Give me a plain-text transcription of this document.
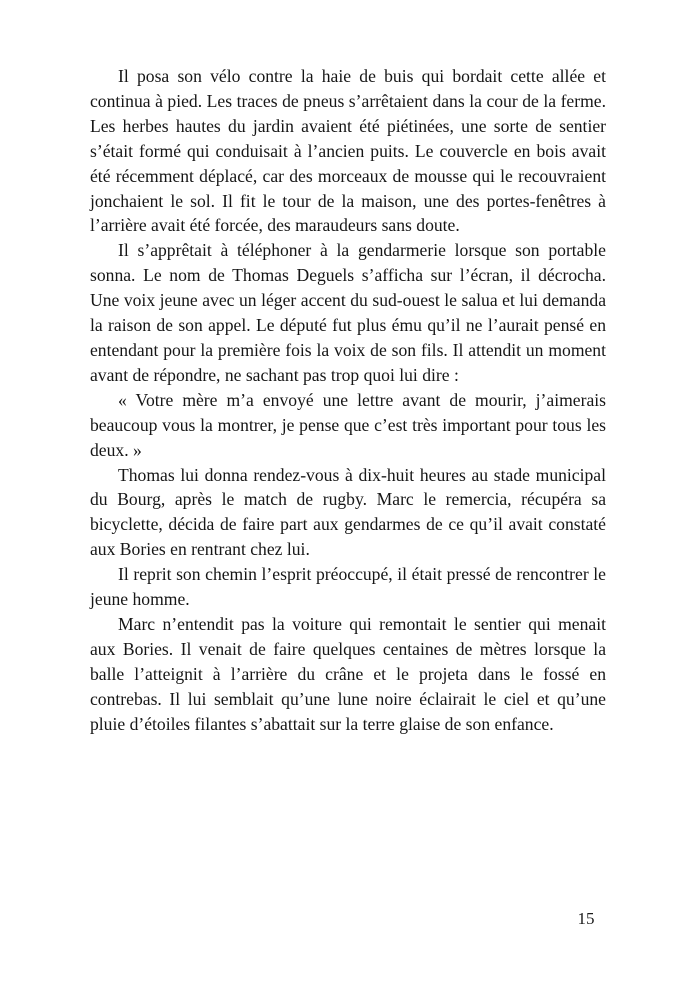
Il posa son vélo contre la haie de buis qui bordait cette allée et continua à pied. Les traces de pneus s’arrêtaient dans la cour de la ferme. Les herbes hautes du jardin avaient été piétinées, une sorte de sentier s’était formé qui conduisait à l’ancien puits. Le couvercle en bois avait été récemment déplacé, car des morceaux de mousse qui le recouvraient jonchaient le sol. Il fit le tour de la maison, une des portes-fenêtres à l’arrière avait été forcée, des maraudeurs sans doute.

Il s’apprêtait à téléphoner à la gendarmerie lorsque son portable sonna. Le nom de Thomas Deguels s’afficha sur l’écran, il décrocha. Une voix jeune avec un léger accent du sud-ouest le salua et lui demanda la raison de son appel. Le député fut plus ému qu’il ne l’aurait pensé en entendant pour la première fois la voix de son fils. Il attendit un moment avant de répondre, ne sachant pas trop quoi lui dire :

« Votre mère m’a envoyé une lettre avant de mourir, j’aimerais beaucoup vous la montrer, je pense que c’est très important pour tous les deux. »

Thomas lui donna rendez-vous à dix-huit heures au stade municipal du Bourg, après le match de rugby. Marc le remercia, récupéra sa bicyclette, décida de faire part aux gendarmes de ce qu’il avait constaté aux Bories en rentrant chez lui.

Il reprit son chemin l’esprit préoccupé, il était pressé de rencontrer le jeune homme.

Marc n’entendit pas la voiture qui remontait le sentier qui menait aux Bories. Il venait de faire quelques centaines de mètres lorsque la balle l’atteignit à l’arrière du crâne et le projeta dans le fossé en contrebas. Il lui semblait qu’une lune noire éclairait le ciel et qu’une pluie d’étoiles filantes s’abattait sur la terre glaise de son enfance.

15
